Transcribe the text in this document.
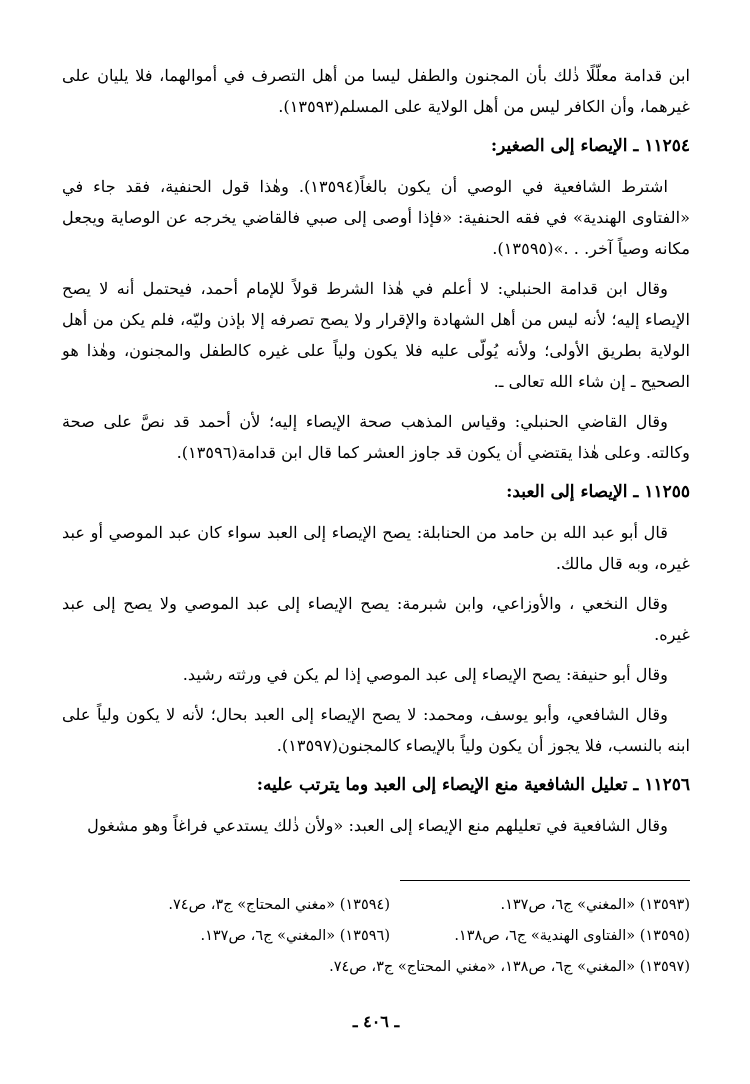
ابن قدامة معلّلًا ذٰلك بأن المجنون والطفل ليسا من أهل التصرف في أموالهما، فلا يليان على غيرهما، وأن الكافر ليس من أهل الولاية على المسلم(١٣٥٩٣).

١١٢٥٤ ـ الإيصاء إلى الصغير:

اشترط الشافعية في الوصي أن يكون بالغاً(١٣٥٩٤). وهٰذا قول الحنفية، فقد جاء في «الفتاوى الهندية» في فقه الحنفية: «فإذا أوصى إلى صبي فالقاضي يخرجه عن الوصاية ويجعل مكانه وصياً آخر. . .»(١٣٥٩٥).

وقال ابن قدامة الحنبلي: لا أعلم في هٰذا الشرط قولاً للإمام أحمد، فيحتمل أنه لا يصح الإيصاء إليه؛ لأنه ليس من أهل الشهادة والإقرار ولا يصح تصرفه إلا بإذن وليّه، فلم يكن من أهل الولاية بطريق الأولى؛ ولأنه يُولّى عليه فلا يكون ولياً على غيره كالطفل والمجنون، وهٰذا هو الصحيح ـ إن شاء الله تعالى ـ.

وقال القاضي الحنبلي: وقياس المذهب صحة الإيصاء إليه؛ لأن أحمد قد نصَّ على صحة وكالته. وعلى هٰذا يقتضي أن يكون قد جاوز العشر كما قال ابن قدامة(١٣٥٩٦).

١١٢٥٥ ـ الإيصاء إلى العبد:

قال أبو عبد الله بن حامد من الحنابلة: يصح الإيصاء إلى العبد سواء كان عبد الموصي أو عبد غيره، وبه قال مالك.

وقال النخعي ، والأوزاعي، وابن شبرمة: يصح الإيصاء إلى عبد الموصي ولا يصح إلى عبد غيره.

وقال أبو حنيفة: يصح الإيصاء إلى عبد الموصي إذا لم يكن في ورثته رشيد.

وقال الشافعي، وأبو يوسف، ومحمد: لا يصح الإيصاء إلى العبد بحال؛ لأنه لا يكون ولياً على ابنه بالنسب، فلا يجوز أن يكون ولياً بالإيصاء كالمجنون(١٣٥٩٧).

١١٢٥٦ ـ تعليل الشافعية منع الإيصاء إلى العبد وما يترتب عليه:

وقال الشافعية في تعليلهم منع الإيصاء إلى العبد: «ولأن ذٰلك يستدعي فراغاً وهو مشغول

(١٣٥٩٣) «المغني» ج٦، ص١٣٧.
(١٣٥٩٤) «مغني المحتاج» ج٣، ص٧٤.
(١٣٥٩٥) «الفتاوى الهندية» ج٦، ص١٣٨.
(١٣٥٩٦) «المغني» ج٦، ص١٣٧.
(١٣٥٩٧) «المغني» ج٦، ص١٣٨، «مغني المحتاج» ج٣، ص٧٤.
ـ ٤٠٦ ـ
